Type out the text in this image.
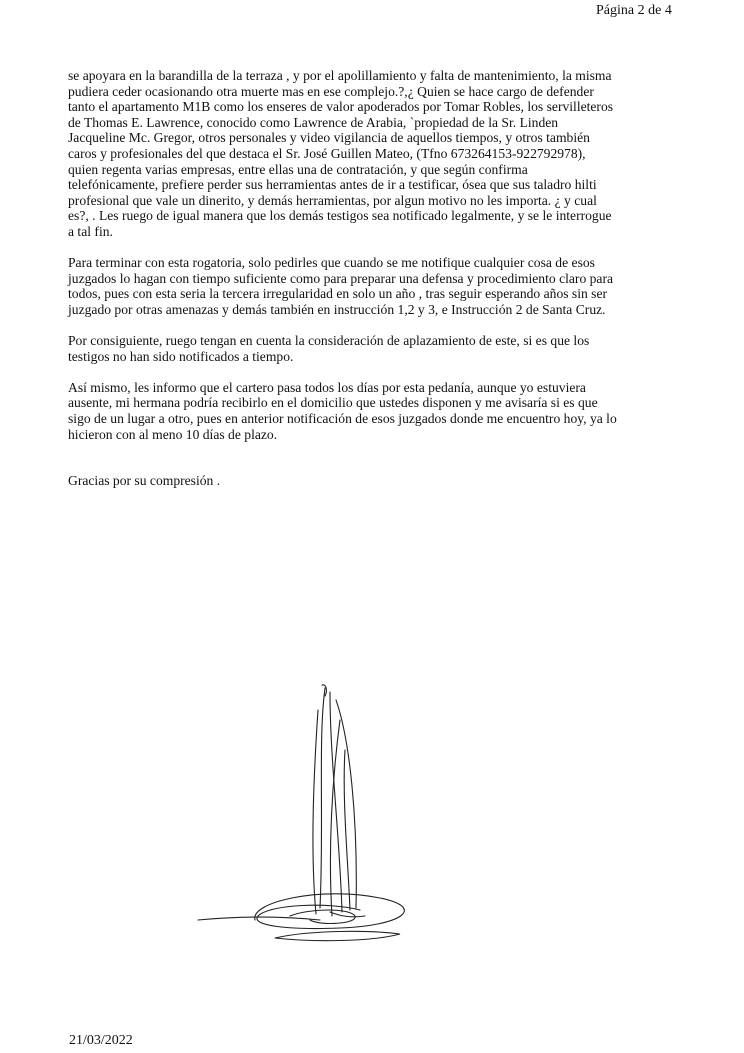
Página 2 de 4
se apoyara en la barandilla de la terraza , y por el apolillamiento y falta de mantenimiento, la misma
pudiera ceder ocasionando otra muerte mas en ese complejo.?,¿ Quien se hace cargo de defender
tanto el apartamento M1B como los enseres de valor apoderados por Tomar Robles, los servilleteros
de Thomas E. Lawrence, conocido como Lawrence de Arabia, `propiedad de la Sr. Linden
Jacqueline Mc. Gregor, otros personales y video vigilancia de aquellos tiempos, y otros también
caros y profesionales del que destaca el Sr. José Guillen Mateo, (Tfno 673264153-922792978),
quien regenta varias empresas, entre ellas una de contratación, y que según confirma
telefónicamente, prefiere perder sus herramientas antes de ir a testificar, ósea que sus taladro hilti
profesional que vale un dinerito, y demás herramientas, por algun motivo no les importa. ¿ y cual
es?, . Les ruego de igual manera que los demás testigos sea notificado legalmente, y se le interrogue
a tal fin.
Para terminar con esta rogatoria, solo pedirles que cuando se me notifique cualquier cosa de esos
juzgados lo hagan con tiempo suficiente como para preparar una defensa y procedimiento claro para
todos, pues con esta seria la tercera irregularidad en solo un año , tras seguir esperando años sin ser
juzgado por otras amenazas y demás también en instrucción 1,2 y 3, e Instrucción 2 de Santa Cruz.
Por consiguiente, ruego tengan en cuenta la consideración de aplazamiento de este, si es que los
testigos no han sido notificados a tiempo.
Así mismo, les informo que el cartero pasa todos los días por esta pedanía, aunque yo estuviera
ausente, mi hermana podría recibirlo en el domicilio que ustedes disponen y me avisaría si es que
sigo de un lugar a otro, pues en anterior notificación de esos juzgados donde me encuentro hoy, ya lo
hicieron con al meno 10 días de plazo.
Gracias por su compresión .
21/03/2022
